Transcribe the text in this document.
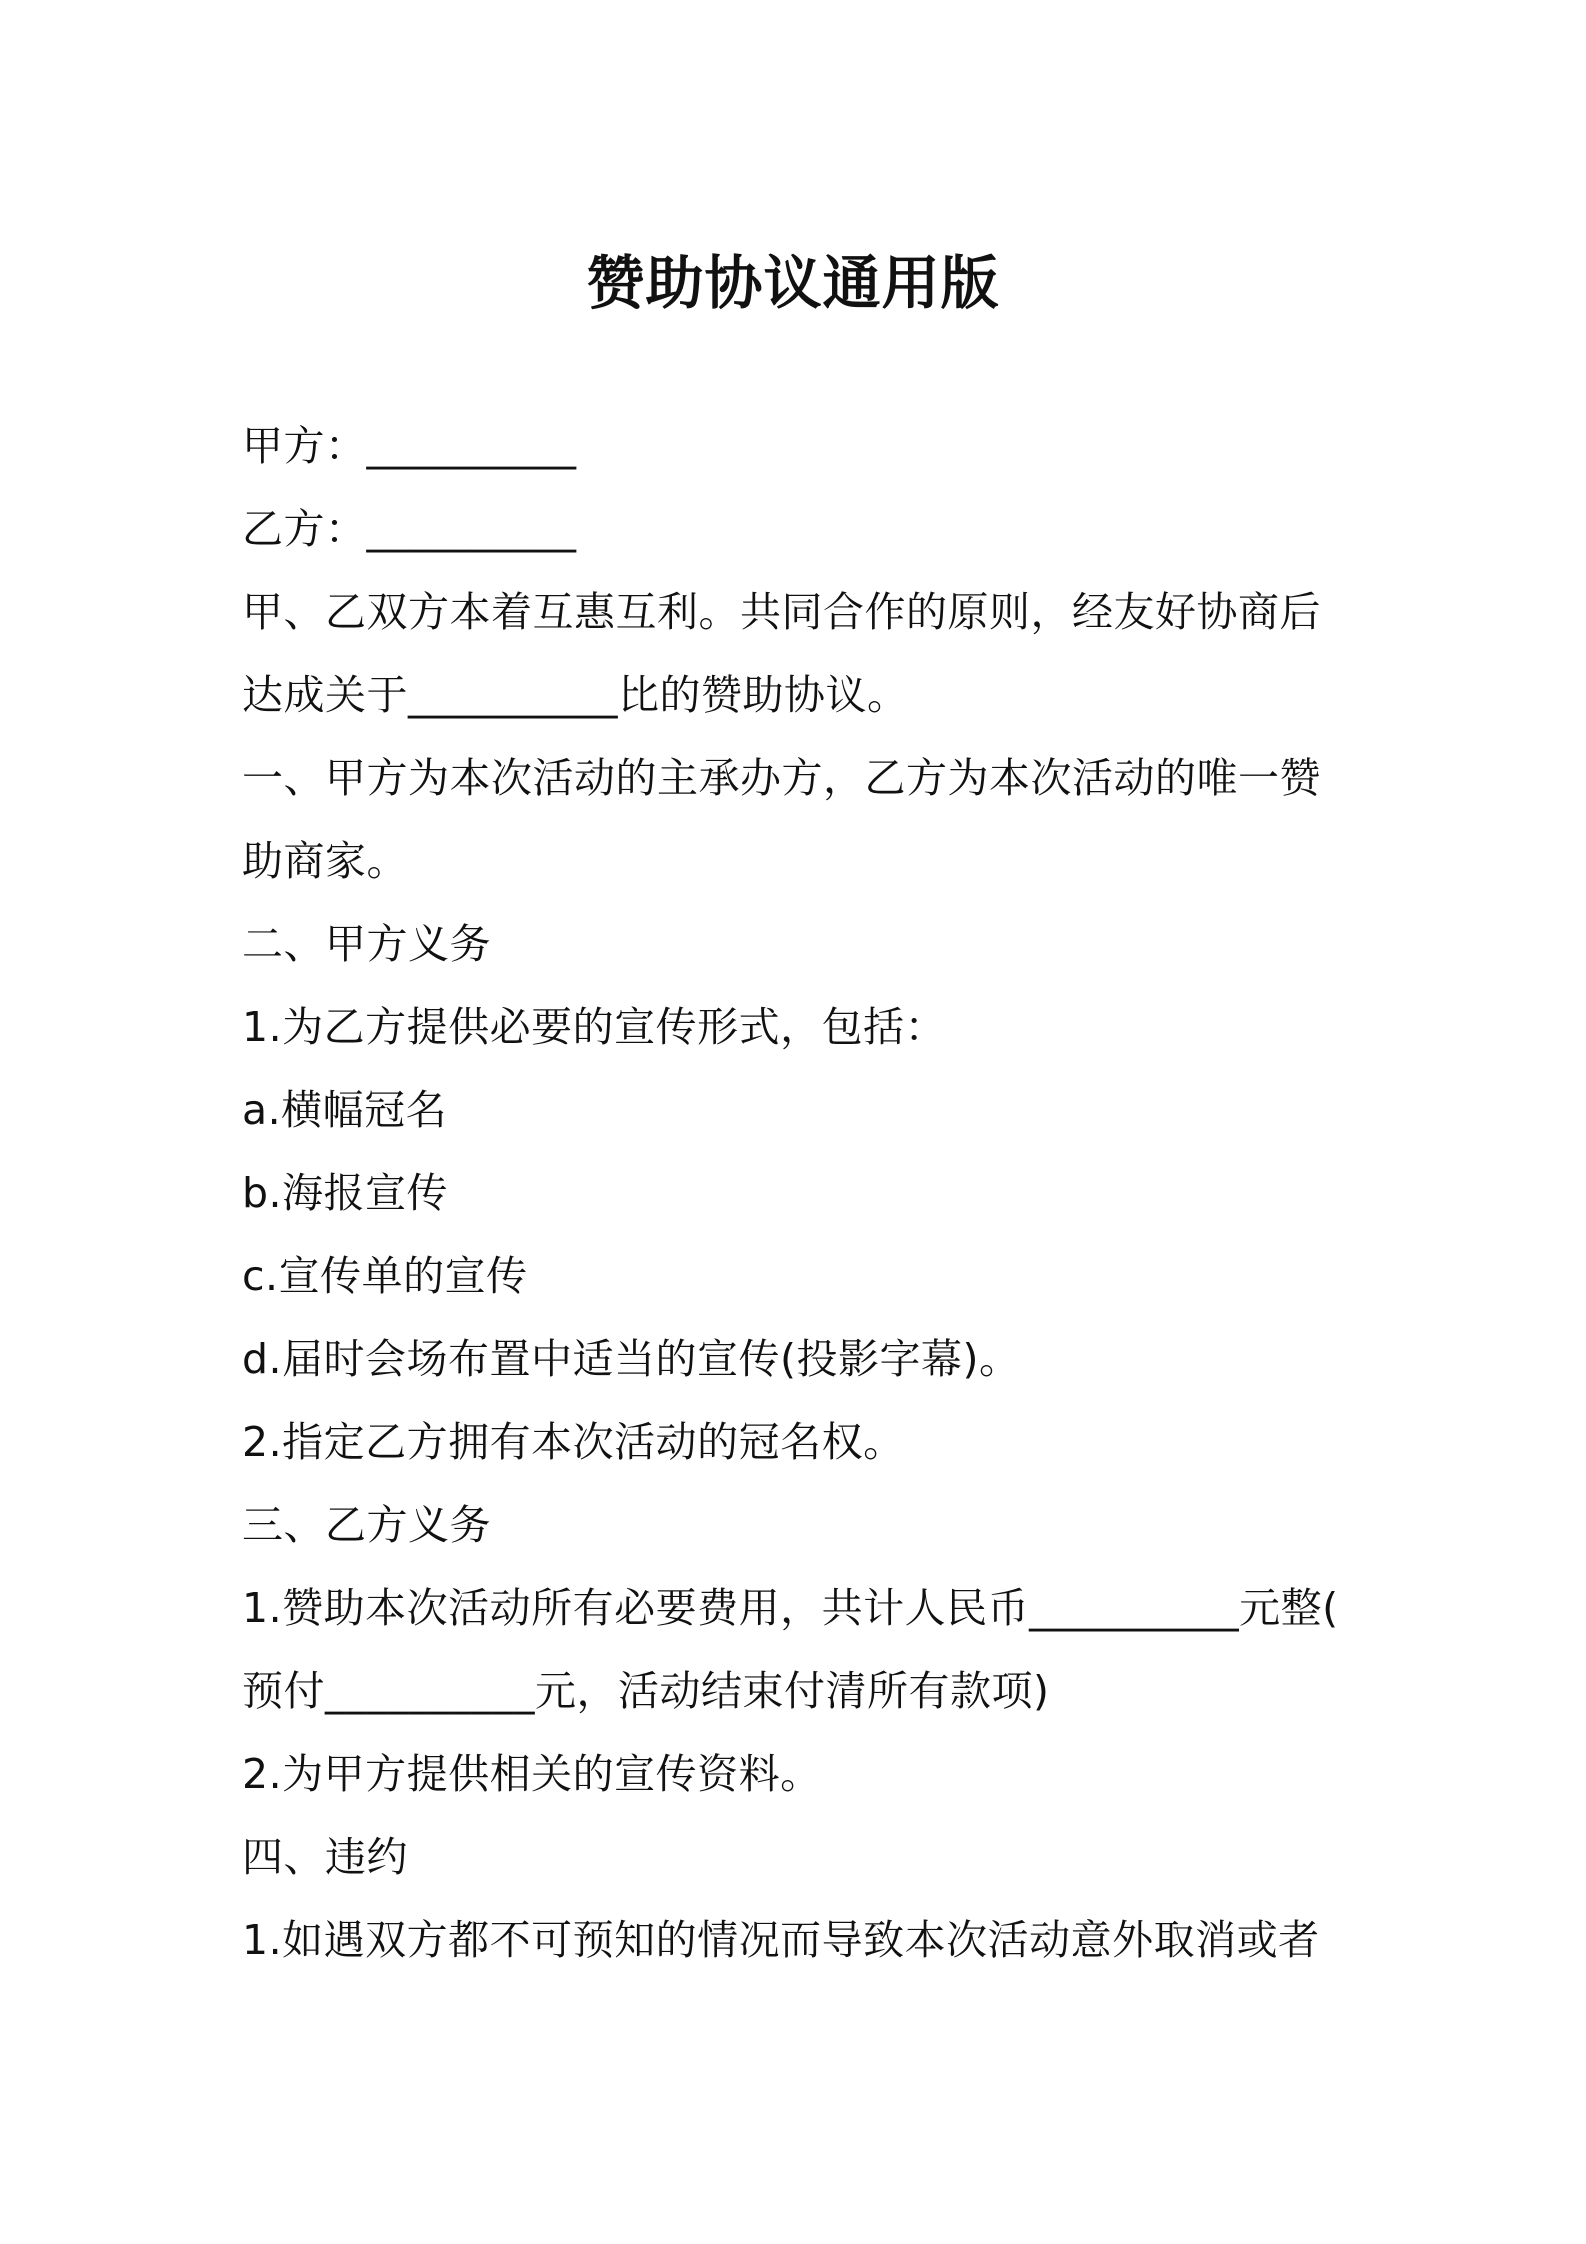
赞助协议通用版
甲方：__________
乙方：__________
甲、乙双方本着互惠互利。共同合作的原则，经友好协商后
达成关于__________比的赞助协议。
一、甲方为本次活动的主承办方，乙方为本次活动的唯一赞
助商家。
二、甲方义务
1.为乙方提供必要的宣传形式，包括：
a.横幅冠名
b.海报宣传
c.宣传单的宣传
d.届时会场布置中适当的宣传(投影字幕)。
2.指定乙方拥有本次活动的冠名权。
三、乙方义务
1.赞助本次活动所有必要费用，共计人民币__________元整(
预付__________元，活动结束付清所有款项)
2.为甲方提供相关的宣传资料。
四、违约
1.如遇双方都不可预知的情况而导致本次活动意外取消或者
